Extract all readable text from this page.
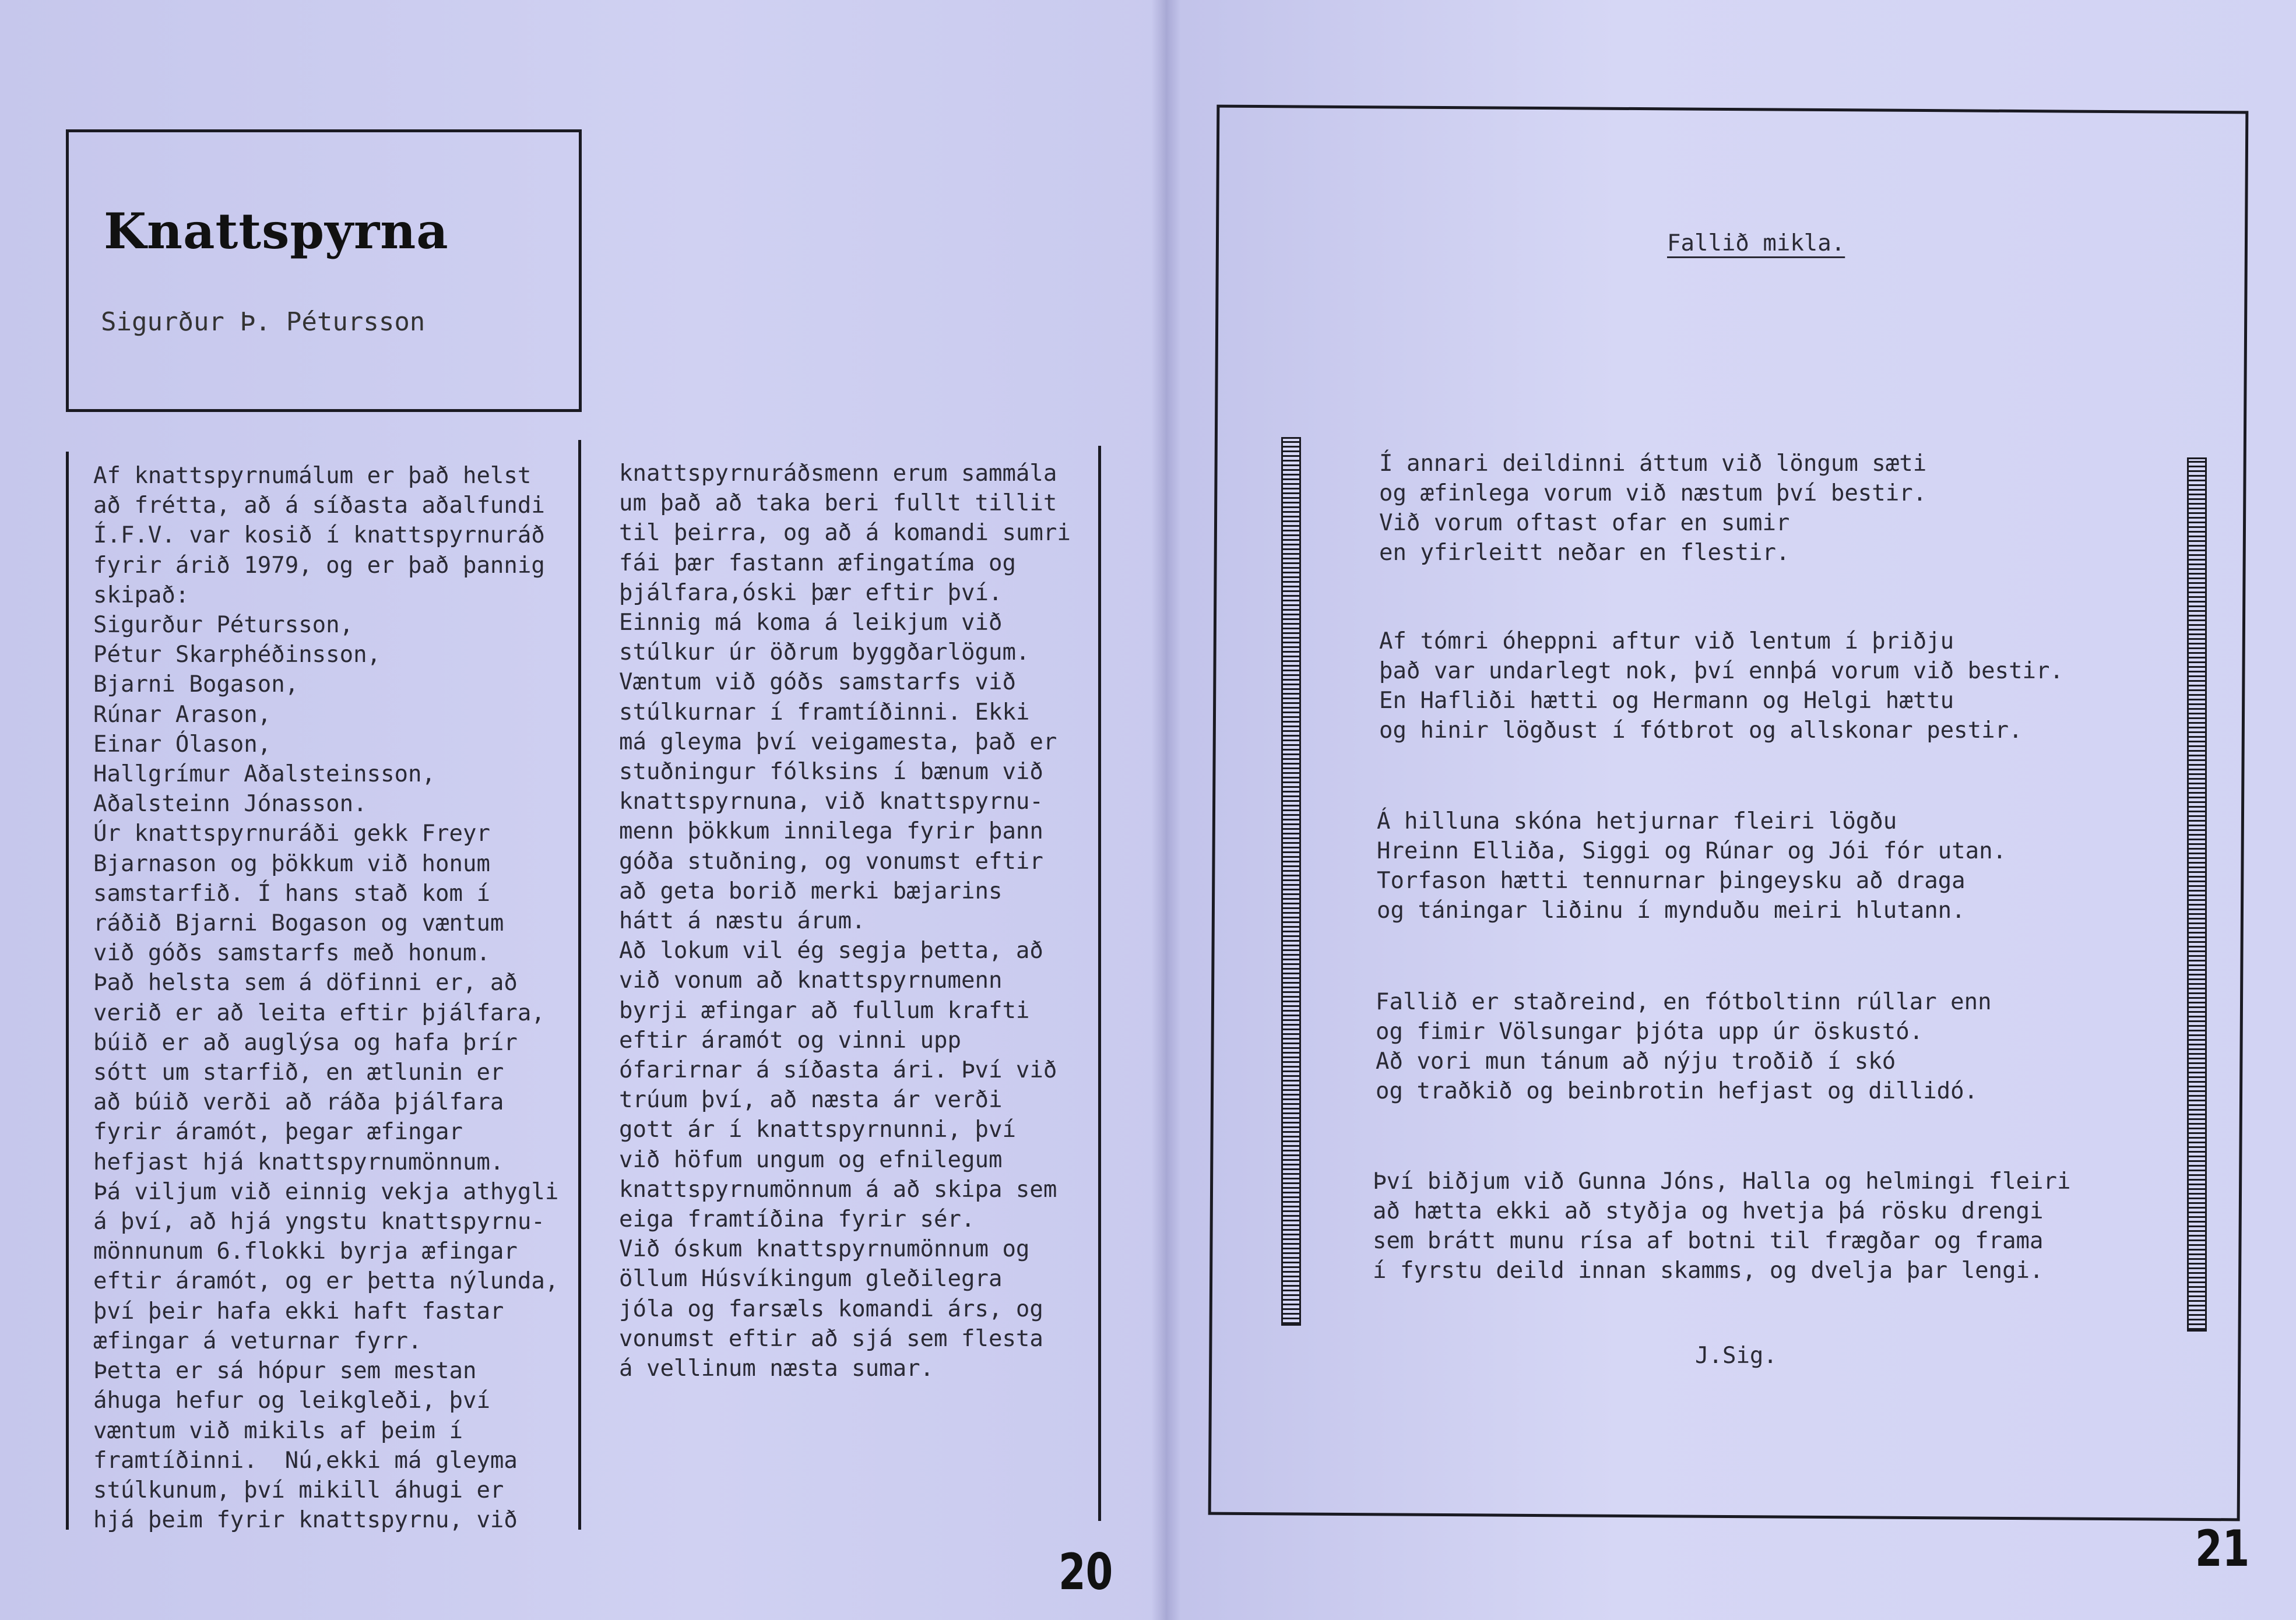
Knattspyrna
Sigurður Þ. Pétursson
Af knattspyrnumálum er það helst
að frétta, að á síðasta aðalfundi
Í.F.V. var kosið í knattspyrnuráð
fyrir árið 1979, og er það þannig
skipað:
Sigurður Pétursson,
Pétur Skarphéðinsson,
Bjarni Bogason,
Rúnar Arason,
Einar Ólason,
Hallgrímur Aðalsteinsson,
Aðalsteinn Jónasson.
Úr knattspyrnuráði gekk Freyr
Bjarnason og þökkum við honum
samstarfið. Í hans stað kom í
ráðið Bjarni Bogason og væntum
við góðs samstarfs með honum.
Það helsta sem á döfinni er, að
verið er að leita eftir þjálfara,
búið er að auglýsa og hafa þrír
sótt um starfið, en ætlunin er
að búið verði að ráða þjálfara
fyrir áramót, þegar æfingar
hefjast hjá knattspyrnumönnum.
Þá viljum við einnig vekja athygli
á því, að hjá yngstu knattspyrnu-
mönnunum 6.flokki byrja æfingar
eftir áramót, og er þetta nýlunda,
því þeir hafa ekki haft fastar
æfingar á veturnar fyrr.
Þetta er sá hópur sem mestan
áhuga hefur og leikgleði, því
væntum við mikils af þeim í
framtíðinni.  Nú,ekki má gleyma
stúlkunum, því mikill áhugi er
hjá þeim fyrir knattspyrnu, við
knattspyrnuráðsmenn erum sammála
um það að taka beri fullt tillit
til þeirra, og að á komandi sumri
fái þær fastann æfingatíma og
þjálfara,óski þær eftir því.
Einnig má koma á leikjum við
stúlkur úr öðrum byggðarlögum.
Væntum við góðs samstarfs við
stúlkurnar í framtíðinni. Ekki
má gleyma því veigamesta, það er
stuðningur fólksins í bænum við
knattspyrnuna, við knattspyrnu-
menn þökkum innilega fyrir þann
góða stuðning, og vonumst eftir
að geta borið merki bæjarins
hátt á næstu árum.
Að lokum vil ég segja þetta, að
við vonum að knattspyrnumenn
byrji æfingar að fullum krafti
eftir áramót og vinni upp
ófarirnar á síðasta ári. Því við
trúum því, að næsta ár verði
gott ár í knattspyrnunni, því
við höfum ungum og efnilegum
knattspyrnumönnum á að skipa sem
eiga framtíðina fyrir sér.
Við óskum knattspyrnumönnum og
öllum Húsvíkingum gleðilegra
jóla og farsæls komandi árs, og
vonumst eftir að sjá sem flesta
á vellinum næsta sumar.
20
Fallið mikla.
Í annari deildinni áttum við löngum sæti
og æfinlega vorum við næstum því bestir.
Við vorum oftast ofar en sumir
en yfirleitt neðar en flestir.
Af tómri óheppni aftur við lentum í þriðju
það var undarlegt nok, því ennþá vorum við bestir.
En Hafliði hætti og Hermann og Helgi hættu
og hinir lögðust í fótbrot og allskonar pestir.
Á hilluna skóna hetjurnar fleiri lögðu
Hreinn Elliða, Siggi og Rúnar og Jói fór utan.
Torfason hætti tennurnar þingeysku að draga
og táningar liðinu í mynduðu meiri hlutann.
Fallið er staðreind, en fótboltinn rúllar enn
og fimir Völsungar þjóta upp úr öskustó.
Að vori mun tánum að nýju troðið í skó
og traðkið og beinbrotin hefjast og dillidó.
Því biðjum við Gunna Jóns, Halla og helmingi fleiri
að hætta ekki að styðja og hvetja þá rösku drengi
sem brátt munu rísa af botni til frægðar og frama
í fyrstu deild innan skamms, og dvelja þar lengi.
J.Sig.
21
